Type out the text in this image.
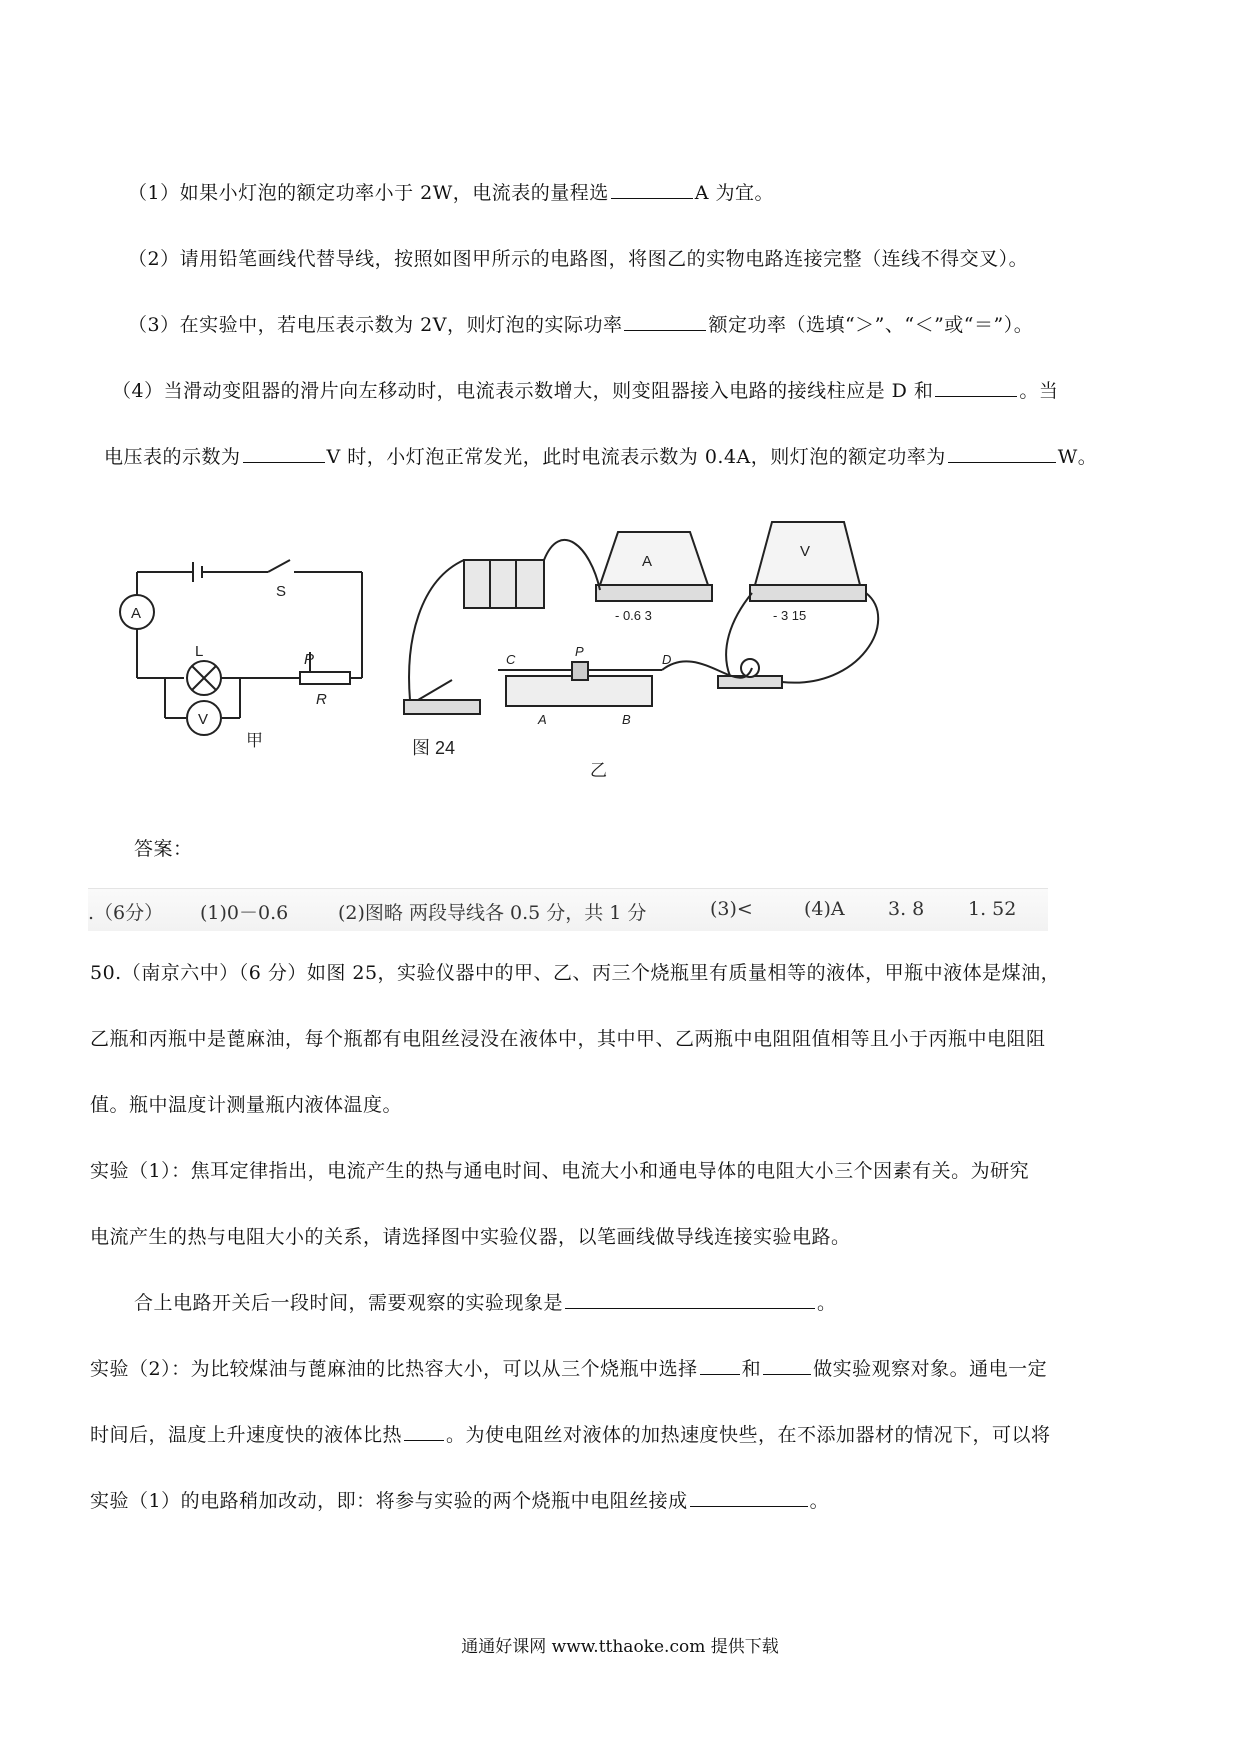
（1）如果小灯泡的额定功率小于 2W，电流表的量程选	A 为宜。
（2）请用铅笔画线代替导线，按照如图甲所示的电路图，将图乙的实物电路连接完整（连线不得交叉）。
（3）在实验中，若电压表示数为 2V，则灯泡的实际功率	额定功率（选填“＞”、“＜”或“＝”）。
（4）当滑动变阻器的滑片向左移动时，电流表示数增大，则变阻器接入电路的接线柱应是 D 和	。当
电压表的示数为	V 时，小灯泡正常发光，此时电流表示数为 0.4A，则灯泡的额定功率为	W。
A
V
S
L	P
R
甲
- 0.6 3	- 3 15
A
V
C
P
D
A	B
图 24
乙
答案：
.（6分） (1)0－0.6	(2)图略 两段导线各 0.5 分，共 1 分	(3)<	(4)A 3. 8 1. 52
50.（南京六中）（6 分）如图 25，实验仪器中的甲、乙、丙三个烧瓶里有质量相等的液体，甲瓶中液体是煤油，
乙瓶和丙瓶中是蓖麻油，每个瓶都有电阻丝浸没在液体中，其中甲、乙两瓶中电阻阻值相等且小于丙瓶中电阻阻
值。瓶中温度计测量瓶内液体温度。
实验（1）：焦耳定律指出，电流产生的热与通电时间、电流大小和通电导体的电阻大小三个因素有关。为研究
电流产生的热与电阻大小的关系，请选择图中实验仪器，以笔画线做导线连接实验电路。
合上电路开关后一段时间，需要观察的实验现象是	。
实验（2）：为比较煤油与蓖麻油的比热容大小，可以从三个烧瓶中选择 和	做实验观察对象。通电一定
时间后，温度上升速度快的液体比热 。为使电阻丝对液体的加热速度快些，在不添加器材的情况下，可以将
实验（1）的电路稍加改动，即：将参与实验的两个烧瓶中电阻丝接成	。
通通好课网 www.tthaoke.com 提供下载
